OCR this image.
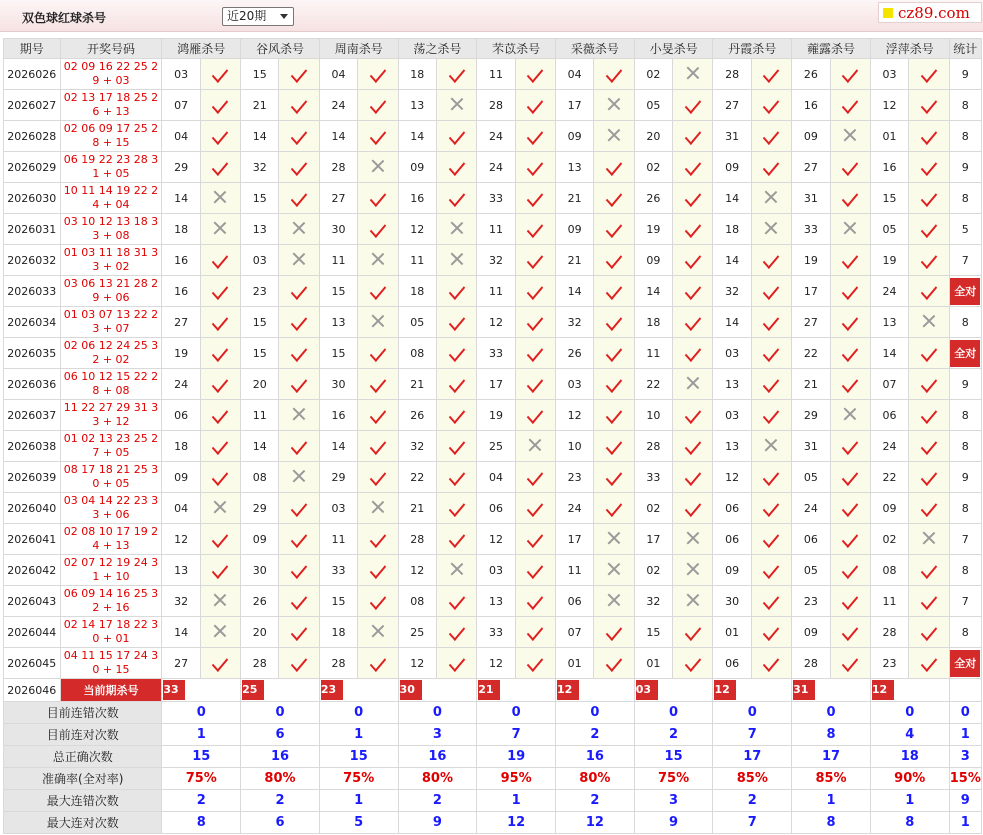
双色球红球杀号	近20期	cz89.com
期号	开奖号码	鸿雁杀号		谷风杀号		周南杀号		荡之杀号		芣苡杀号		采薇杀号		小旻杀号		丹霞杀号		蕹露杀号		浮萍杀号		统计
2026026	02 09 16 22 25 29 + 03	03		15		04		18		11		04		02		28		26		03		9
2026027	02 13 17 18 25 26 + 13	07		21		24		13		28		17		05		27		16		12		8
2026028	02 06 09 17 25 28 + 15	04		14		14		14		24		09		20		31		09		01		8
2026029	06 19 22 23 28 31 + 05	29		32		28		09		24		13		02		09		27		16		9
2026030	10 11 14 19 22 24 + 04	14		15		27		16		33		21		26		14		31		15		8
2026031	03 10 12 13 18 33 + 08	18		13		30		12		11		09		19		18		33		05		5
2026032	01 03 11 18 31 33 + 02	16		03		11		11		32		21		09		14		19		19		7
2026033	03 06 13 21 28 29 + 06	16		23		15		18		11		14		14		32		17		24		全对

2026034	01 03 07 13 22 23 + 07	27		15		13		05		12		32		18		14		27		13		8
2026035	02 06 12 24 25 32 + 02	19		15		15		08		33		26		11		03		22		14		全对

2026036	06 10 12 15 22 28 + 08	24		20		30		21		17		03		22		13		21		07		9
2026037	11 22 27 29 31 33 + 12	06		11		16		26		19		12		10		03		29		06		8
2026038	01 02 13 23 25 27 + 05	18		14		14		32		25		10		28		13		31		24		8
2026039	08 17 18 21 25 30 + 05	09		08		29		22		04		23		33		12		05		22		9
2026040	03 04 14 22 23 33 + 06	04		29		03		21		06		24		02		06		24		09		8
2026041	02 08 10 17 19 24 + 13	12		09		11		28		12		17		17		06		06		02		7
2026042	02 07 12 19 24 31 + 10	13		30		33		12		03		11		02		09		05		08		8
2026043	06 09 14 16 25 32 + 16	32		26		15		08		13		06		32		30		23		11		7
2026044	02 14 17 18 22 30 + 01	14		20		18		25		33		07		15		01		09		28		8
2026045	04 11 15 17 24 30 + 15	27		28		28		12		12		01		01		06		28		23		全对

2026046	当前期杀号	33		25		23		30		21		12		03		12		31		12		

目前连错次数		0		0		0		0		0		0		0		0		0		0		0
目前连对次数		1		6		1		3		7		2		2		7		8		4		1
总正确次数		15		16		15		16		19		16		15		17		17		18		3
准确率(全对率)		75%		80%		75%		80%		95%		80%		75%		85%		85%		90%		15%
最大连错次数		2		2		1		2		1		2		3		2		1		1		9
最大连对次数		8		6		5		9		12		12		9		7		8		8		1
